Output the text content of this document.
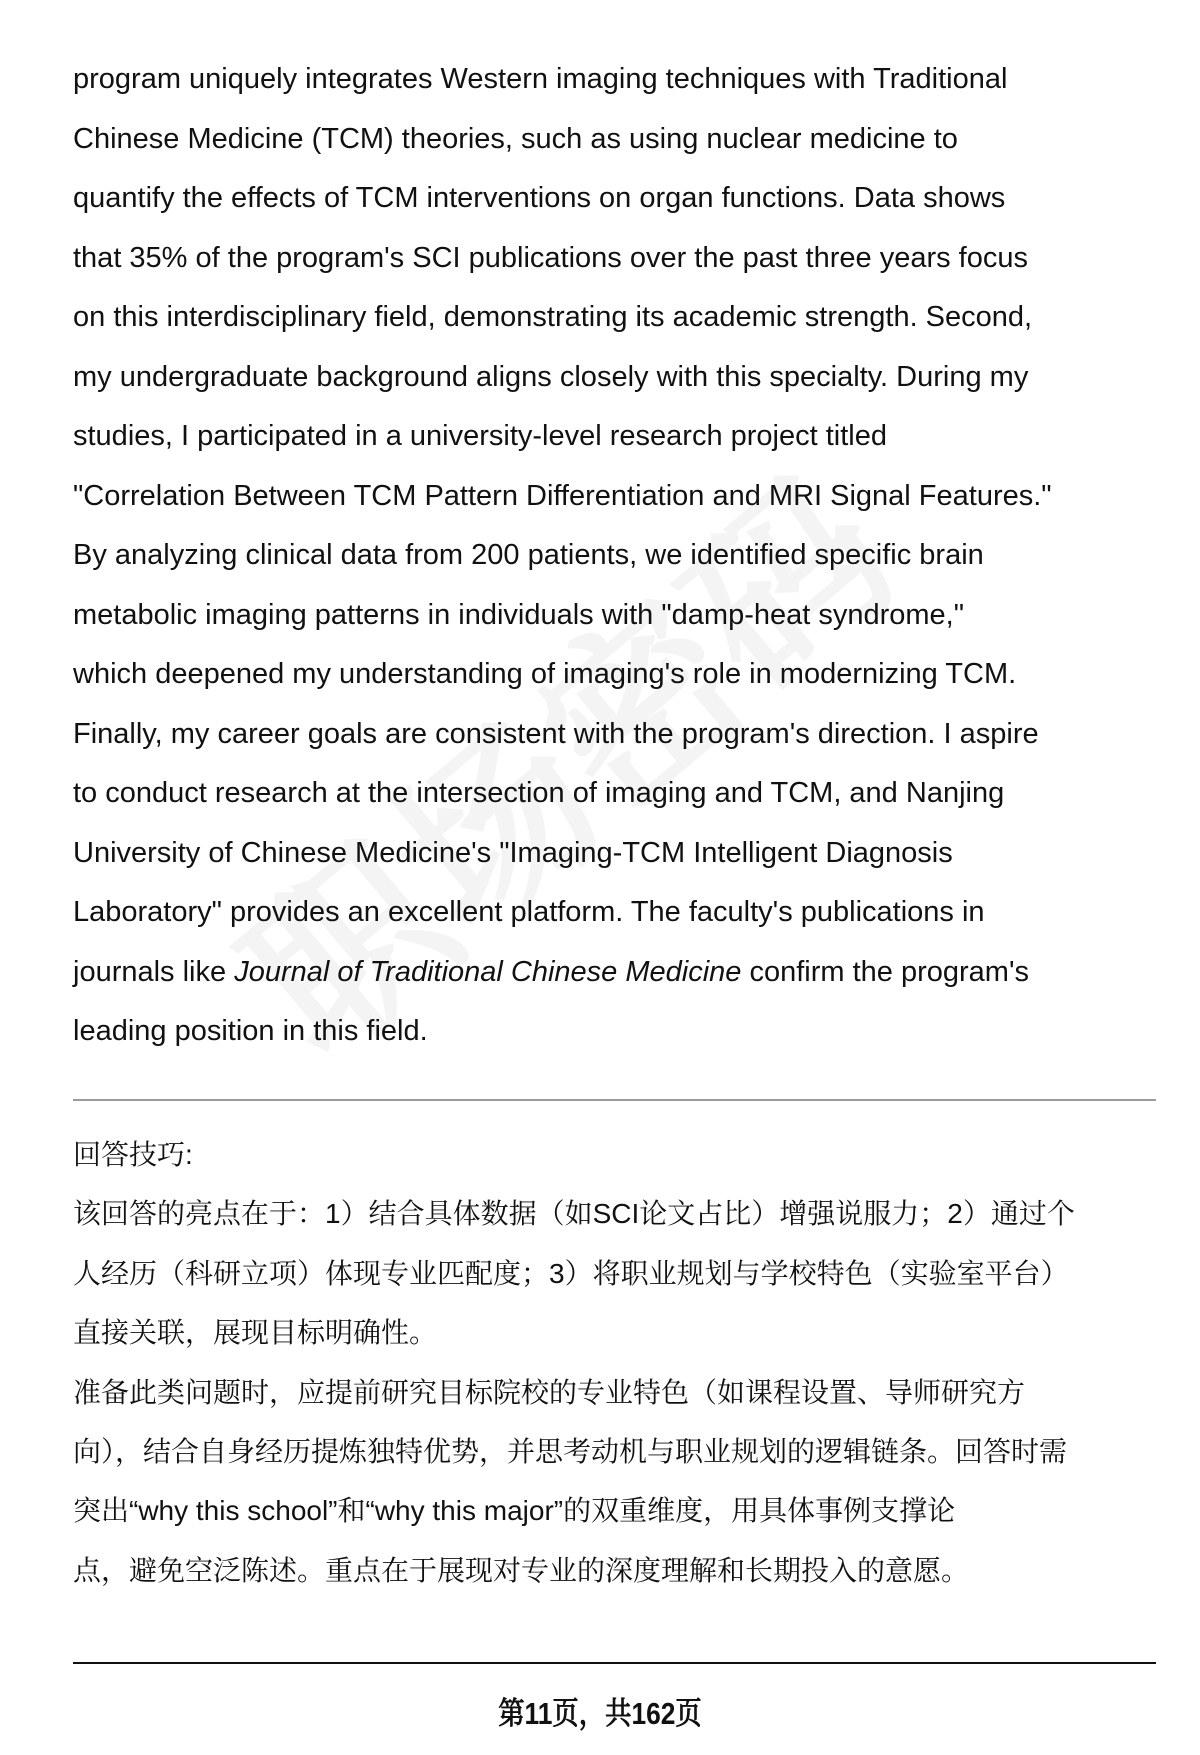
program uniquely integrates Western imaging techniques with Traditional
Chinese Medicine (TCM) theories, such as using nuclear medicine to
quantify the effects of TCM interventions on organ functions. Data shows
that 35% of the program's SCI publications over the past three years focus
on this interdisciplinary field, demonstrating its academic strength. Second,
my undergraduate background aligns closely with this specialty. During my
studies, I participated in a university-level research project titled
"Correlation Between TCM Pattern Differentiation and MRI Signal Features."
By analyzing clinical data from 200 patients, we identified specific brain
metabolic imaging patterns in individuals with "damp-heat syndrome,"
which deepened my understanding of imaging's role in modernizing TCM.
Finally, my career goals are consistent with the program's direction. I aspire
to conduct research at the intersection of imaging and TCM, and Nanjing
University of Chinese Medicine's "Imaging-TCM Intelligent Diagnosis
Laboratory" provides an excellent platform. The faculty's publications in
journals like Journal of Traditional Chinese Medicine confirm the program's
leading position in this field.
回答技巧:
该回答的亮点在于：1）结合具体数据（如SCI论文占比）增强说服力；2）通过个
人经历（科研立项）体现专业匹配度；3）将职业规划与学校特色（实验室平台）
直接关联，展现目标明确性。
准备此类问题时，应提前研究目标院校的专业特色（如课程设置、导师研究方
向），结合自身经历提炼独特优势，并思考动机与职业规划的逻辑链条。回答时需
突出“why this school”和“why this major”的双重维度，用具体事例支撑论
点，避免空泛陈述。重点在于展现对专业的深度理解和长期投入的意愿。
第11页，共162页
